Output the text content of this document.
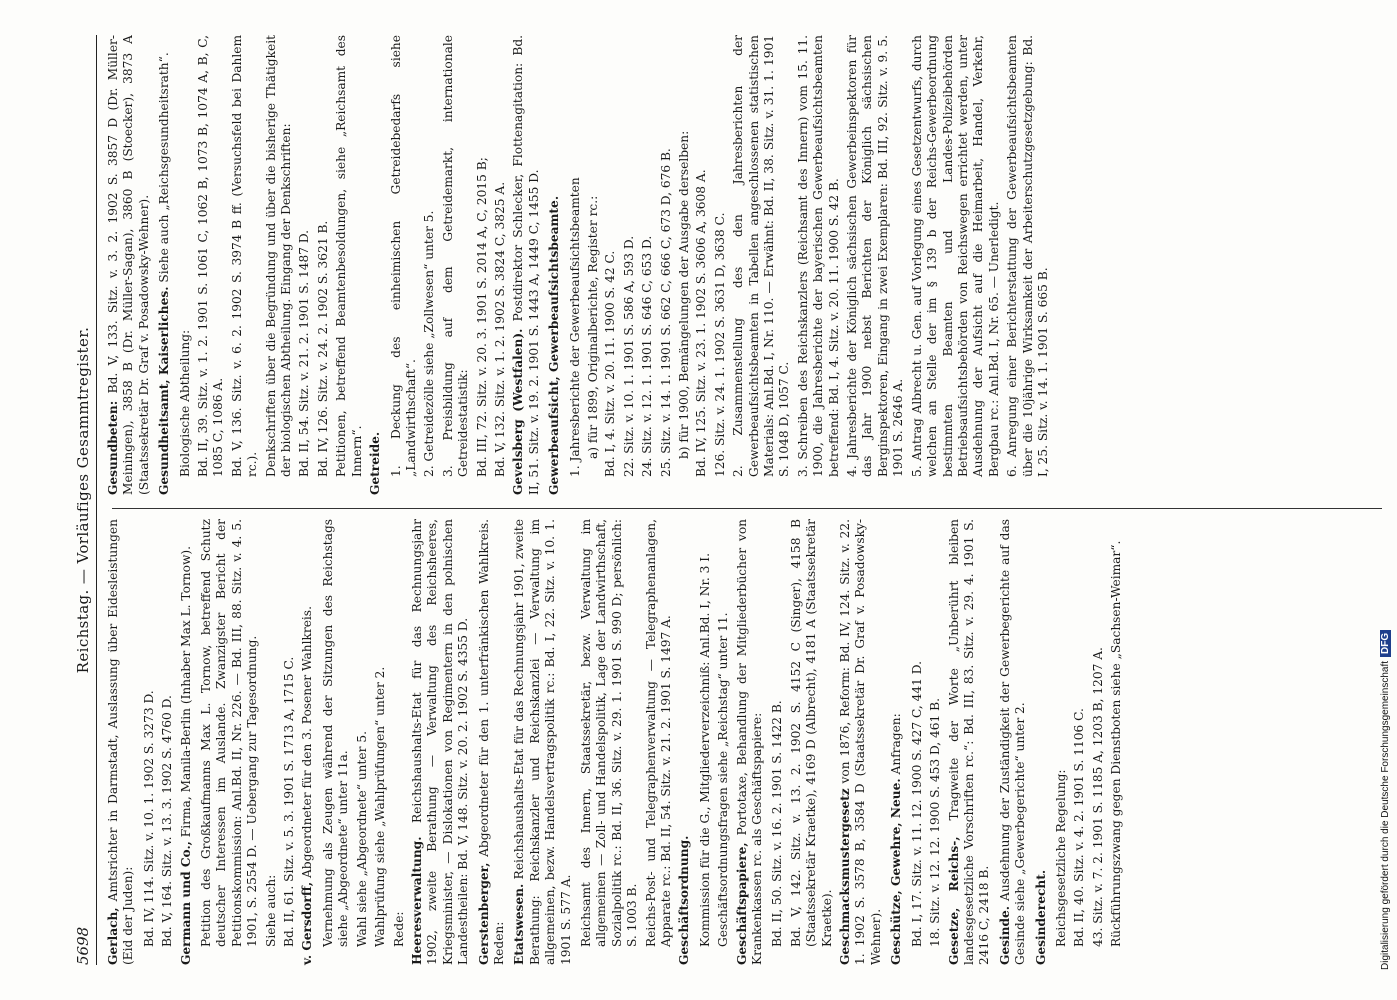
5698
Reichstag. — Vorläufiges Gesammtregister.
Gerlach, Amtsrichter in Darmstadt, Auslassung über Eidesleistungen (Eid der Juden): Bd. IV, 114. Sitz. v. 10. 1. 1902 S. 3273 D. Bd. V, 164. Sitz. v. 13. 3. 1902 S. 4760 D. Germann und Co., Firma, Manila-Berlin (Inhaber Max L. Tornow). Petition des Großkaufmanns Max L. Tornow, betreffend Schutz deutscher Interessen im Auslande. Zwanzigster Bericht der Petitionskommission: Anl.Bd. II, Nr. 226. — Bd. III, 88. Sitz. v. 4. 5. 1901, S. 2554 D. — Uebergang zur Tagesordnung. Siehe auch: Bd. II, 61. Sitz. v. 5. 3. 1901 S. 1713 A, 1715 C. v. Gersdorff, Abgeordneter für den 3. Posener Wahlkreis. Vernehmung als Zeugen während der Sitzungen des Reichstags siehe „Abgeordnete“ unter 11a. Wahl siehe „Abgeordnete“ unter 5. Wahlprüfung siehe „Wahlprüfungen“ unter 2. Rede: Heeresverwaltung. Reichshaushalts-Etat für das Rechnungsjahr 1902, zweite Berathung — Verwaltung des Reichsheeres, Kriegsminister, — Dislokationen von Regimentern in den polnischen Landestheilen: Bd. V, 148. Sitz. v. 20. 2. 1902 S. 4355 D. Gerstenberger, Abgeordneter für den 1. unterfränkischen Wahlkreis. Reden: Etatswesen. Reichshaushalts-Etat für das Rechnungsjahr 1901, zweite Berathung: Reichskanzler und Reichskanzlei — Verwaltung im allgemeinen, bezw. Handelsvertragspolitik rc.: Bd. I, 22. Sitz. v. 10. 1. 1901 S. 577 A. Reichsamt des Innern, Staatssekretär, bezw. Verwaltung im allgemeinen — Zoll- und Handelspolitik, Lage der Landwirthschaft, Sozialpolitik rc.: Bd. II, 36. Sitz. v. 29. 1. 1901 S. 990 D; persönlich: S. 1003 B. Reichs-Post- und Telegraphenverwaltung — Telegraphenanlagen, Apparate rc.: Bd. II, 54. Sitz. v. 21. 2. 1901 S. 1497 A. Geschäftsordnung. Kommission für die G., Mitgliederverzeichniß: Anl.Bd. I, Nr. 3 I. Geschäftsordnungsfragen siehe „Reichstag“ unter 11. Geschäftspapiere, Portotaxe, Behandlung der Mitgliederbücher von Krankenkassen rc. als Geschäftspapiere: Bd. II, 50. Sitz. v. 16. 2. 1901 S. 1422 B. Bd. V, 142. Sitz. v. 13. 2. 1902 S. 4152 C (Singer), 4158 B (Staatssekretär Kraetke), 4169 D (Albrecht), 4181 A (Staatssekretär Kraetke). Geschmacksmustergesetz von 1876, Reform: Bd. IV, 124. Sitz. v. 22. 1. 1902 S. 3578 B, 3584 D (Staatssekretär Dr. Graf v. Posadowsky-Wehner). Geschütze, Gewehre, Neue. Anfragen: Bd. I, 17. Sitz. v. 11. 12. 1900 S. 427 C, 441 D. 18. Sitz. v. 12. 12. 1900 S. 453 D, 461 B. Gesetze, Reichs-, Tragweite der Worte „Unberührt bleiben landesgesetzliche Vorschriften rc.“: Bd. III, 83. Sitz. v. 29. 4. 1901 S. 2416 C, 2418 B. Gesinde. Ausdehnung der Zuständigkeit der Gewerbegerichte auf das Gesinde siehe „Gewerbegerichte“ unter 2. Gesinderecht. Reichsgesetzliche Regelung: Bd. II, 40. Sitz. v. 4. 2. 1901 S. 1106 C. 43. Sitz. v. 7. 2. 1901 S. 1185 A, 1203 B, 1207 A. Rückführungszwang gegen Dienstboten siehe „Sachsen-Weimar“.
Gesundbeten: Bd. V, 133. Sitz. v. 3. 2. 1902 S. 3857 D (Dr. Müller-Meiningen), 3858 B (Dr. Müller-Sagan), 3860 B (Stoecker), 3873 A (Staatssekretär Dr. Graf v. Posadowsky-Wehner). Gesundheitsamt, Kaiserliches. Siehe auch „Reichsgesundheitsrath“.
Biologische Abtheilung: Bd. II, 39. Sitz. v. 1. 2. 1901 S. 1061 C, 1062 B, 1073 B, 1074 A, B, C, 1085 C, 1086 A. Bd. V, 136. Sitz. v. 6. 2. 1902 S. 3974 B ff. (Versuchsfeld bei Dahlem rc.). Denkschriften über die Begründung und über die bisherige Thätigkeit der biologischen Abtheilung. Eingang der Denkschriften: Bd. II, 54. Sitz. v. 21. 2. 1901 S. 1487 D. Bd. IV, 126. Sitz. v. 24. 2. 1902 S. 3621 B. Petitionen, betreffend Beamtenbesoldungen, siehe „Reichsamt des Innern“. Getreide. 1. Deckung des einheimischen Getreidebedarfs siehe „Landwirthschaft“. 2. Getreidezölle siehe „Zollwesen“ unter 5. 3. Preisbildung auf dem Getreidemarkt, internationale Getreidestatistik: Bd. III, 72. Sitz. v. 20. 3. 1901 S. 2014 A, C, 2015 B; Bd. V, 132. Sitz. v. 1. 2. 1902 S. 3824 C, 3825 A. Gevelsberg (Westfalen). Postdirektor Schlecker, Flottenagitation: Bd. II, 51. Sitz. v. 19. 2. 1901 S. 1443 A, 1449 C, 1455 D. Gewerbeaufsicht, Gewerbeaufsichtsbeamte. 1. Jahresberichte der Gewerbeaufsichtsbeamten a) für 1899, Originalberichte, Register rc.: Bd. I, 4. Sitz. v. 20. 11. 1900 S. 42 C. 22. Sitz. v. 10. 1. 1901 S. 586 A, 593 D. 24. Sitz. v. 12. 1. 1901 S. 646 C, 653 D. 25. Sitz. v. 14. 1. 1901 S. 662 C, 666 C, 673 D, 676 B. b) für 1900, Bemängelungen der Ausgabe derselben: Bd. IV, 125. Sitz. v. 23. 1. 1902 S. 3606 A, 3608 A. 126. Sitz. v. 24. 1. 1902 S. 3631 D, 3638 C. 2. Zusammenstellung des den Jahresberichten der Gewerbeaufsichtsbeamten in Tabellen angeschlossenen statistischen Materials: Anl.Bd. I, Nr. 110. — Erwähnt: Bd. II, 38. Sitz. v. 31. 1. 1901 S. 1048 D, 1057 C. 3. Schreiben des Reichskanzlers (Reichsamt des Innern) vom 15. 11. 1900, die Jahresberichte der bayerischen Gewerbeaufsichtsbeamten betreffend: Bd. I, 4. Sitz. v. 20. 11. 1900 S. 42 B. 4. Jahresberichte der Königlich sächsischen Gewerbeinspektoren für das Jahr 1900 nebst Berichten der Königlich sächsischen Berginspektoren, Eingang in zwei Exemplaren: Bd. III, 92. Sitz. v. 9. 5. 1901 S. 2646 A. 5. Antrag Albrecht u. Gen. auf Vorlegung eines Gesetzentwurfs, durch welchen an Stelle der im § 139 b der Reichs-Gewerbeordnung bestimmten Beamten und Landes-Polizeibehörden Betriebsaufsichtsbehörden von Reichswegen errichtet werden, unter Ausdehnung der Aufsicht auf die Heimarbeit, Handel, Verkehr, Bergbau rc.: Anl.Bd. I, Nr. 65. — Unerledigt. 6. Anregung einer Berichterstattung der Gewerbeaufsichtsbeamten über die 10jährige Wirksamkeit der Arbeiterschutzgesetzgebung: Bd. I, 25. Sitz. v. 14. 1. 1901 S. 665 B.
Digitalisierung gefördert durch die Deutsche ForschungsgemeinschaftDFG
